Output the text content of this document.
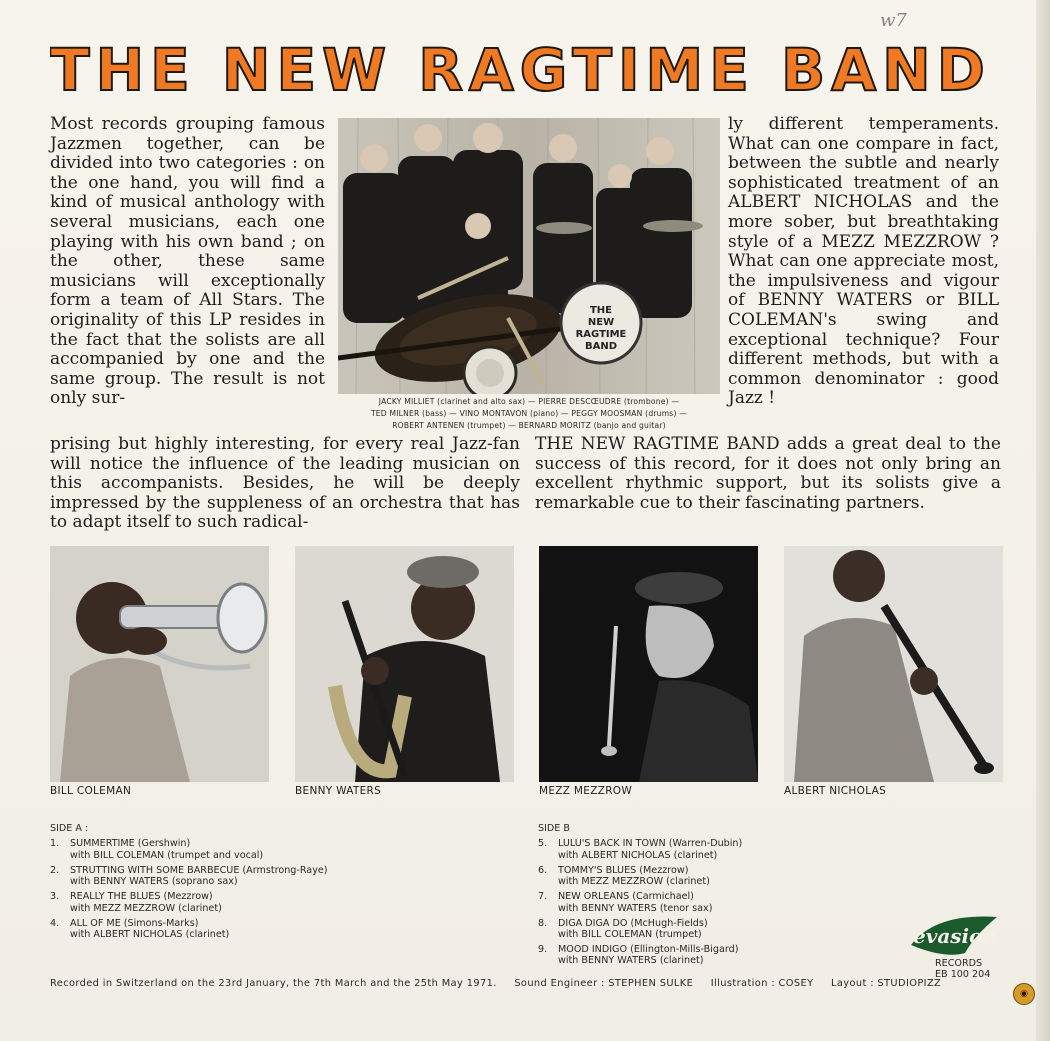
w7
THE NEW RAGTIME BAND

Most records grouping famous Jazzmen together, can be divided into two categories : on the one hand, you will find a kind of musical anthology with several musicians, each one playing with his own band ; on the other, these same musicians will exceptionally form a team of All Stars. The originality of this LP resides in the fact that the solists are all accompanied by one and the same group. The result is not only sur-

prising but highly interesting, for every real Jazz-fan will notice the influence of the leading musician on this accompanists. Besides, he will be deeply impressed by the suppleness of an orchestra that has to adapt itself to such radical-

ly different temperaments. What can one compare in fact, between the subtle and nearly sophisticated treatment of an ALBERT NICHOLAS and the more sober, but breathtaking style of a MEZZ MEZZROW ? What can one appreciate most, the impulsiveness and vigour of BENNY WATERS or BILL COLEMAN's swing and exceptional technique? Four different methods, but with a common denominator : good Jazz !

THE NEW RAGTIME BAND adds a great deal to the success of this record, for it does not only bring an excellent rhythmic support, but its solists give a remarkable cue to their fascinating partners.

THE
NEW
RAGTIME
BAND
JACKY MILLIET (clarinet and alto sax) — PIERRE DESCŒUDRE (trombone) —
TED MILNER (bass) — VINO MONTAVON (piano) — PEGGY MOOSMAN (drums) —
ROBERT ANTENEN (trumpet) — BERNARD MORITZ (banjo and guitar)
BILL COLEMAN	BENNY WATERS	MEZZ MEZZROW	ALBERT NICHOLAS
SIDE A :
1.	SUMMERTIME (Gershwin)
with BILL COLEMAN (trumpet and vocal)
2.	STRUTTING WITH SOME BARBECUE (Armstrong-Raye)
with BENNY WATERS (soprano sax)
3.	REALLY THE BLUES (Mezzrow)
with MEZZ MEZZROW (clarinet)
4.	ALL OF ME (Simons-Marks)
with ALBERT NICHOLAS (clarinet)
SIDE B
5.	LULU'S BACK IN TOWN (Warren-Dubin)
with ALBERT NICHOLAS (clarinet)
6.	TOMMY'S BLUES (Mezzrow)
with MEZZ MEZZROW (clarinet)
7.	NEW ORLEANS (Carmichael)
with BENNY WATERS (tenor sax)
8.	DIGA DIGA DO (McHugh-Fields)
with BILL COLEMAN (trumpet)
9.	MOOD INDIGO (Ellington-Mills-Bigard)
with BENNY WATERS (clarinet)
evasion
RECORDS
EB 100 204
Recorded in Switzerland on the 23rd January, the 7th March and the 25th May 1971. Sound Engineer : STEPHEN SULKE Illustration : COSEY Layout : STUDIOPIZZ
◉
